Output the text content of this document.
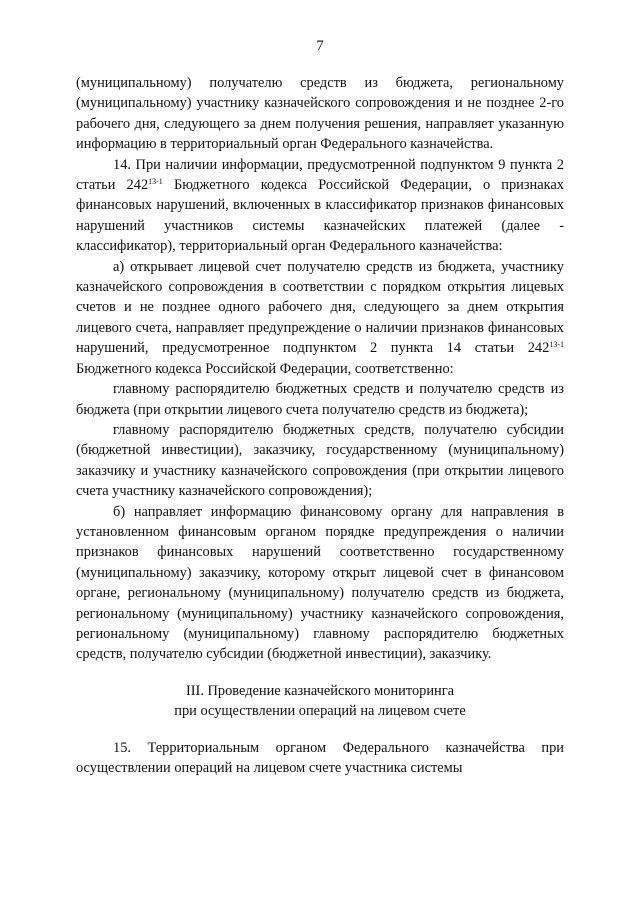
7

(муниципальному) получателю средств из бюджета, региональному (муниципальному) участнику казначейского сопровождения и не позднее 2-го рабочего дня, следующего за днем получения решения, направляет указанную информацию в территориальный орган Федерального казначейства.

14. При наличии информации, предусмотренной подпунктом 9 пункта 2 статьи 242$^{13-1}$ Бюджетного кодекса Российской Федерации, о признаках финансовых нарушений, включенных в классификатор признаков финансовых нарушений участников системы казначейских платежей (далее - классификатор), территориальный орган Федерального казначейства:

а) открывает лицевой счет получателю средств из бюджета, участнику казначейского сопровождения в соответствии с порядком открытия лицевых счетов и не позднее одного рабочего дня, следующего за днем открытия лицевого счета, направляет предупреждение о наличии признаков финансовых нарушений, предусмотренное подпунктом 2 пункта 14 статьи 242$^{13-1}$ Бюджетного кодекса Российской Федерации, соответственно:

главному распорядителю бюджетных средств и получателю средств из бюджета (при открытии лицевого счета получателю средств из бюджета);

главному распорядителю бюджетных средств, получателю субсидии (бюджетной инвестиции), заказчику, государственному (муниципальному) заказчику и участнику казначейского сопровождения (при открытии лицевого счета участнику казначейского сопровождения);

б) направляет информацию финансовому органу для направления в установленном финансовым органом порядке предупреждения о наличии признаков финансовых нарушений соответственно государственному (муниципальному) заказчику, которому открыт лицевой счет в финансовом органе, региональному (муниципальному) получателю средств из бюджета, региональному (муниципальному) участнику казначейского сопровождения, региональному (муниципальному) главному распорядителю бюджетных средств, получателю субсидии (бюджетной инвестиции), заказчику.

III. Проведение казначейского мониторинга
при осуществлении операций на лицевом счете

15. Территориальным органом Федерального казначейства при осуществлении операций на лицевом счете участника системы
